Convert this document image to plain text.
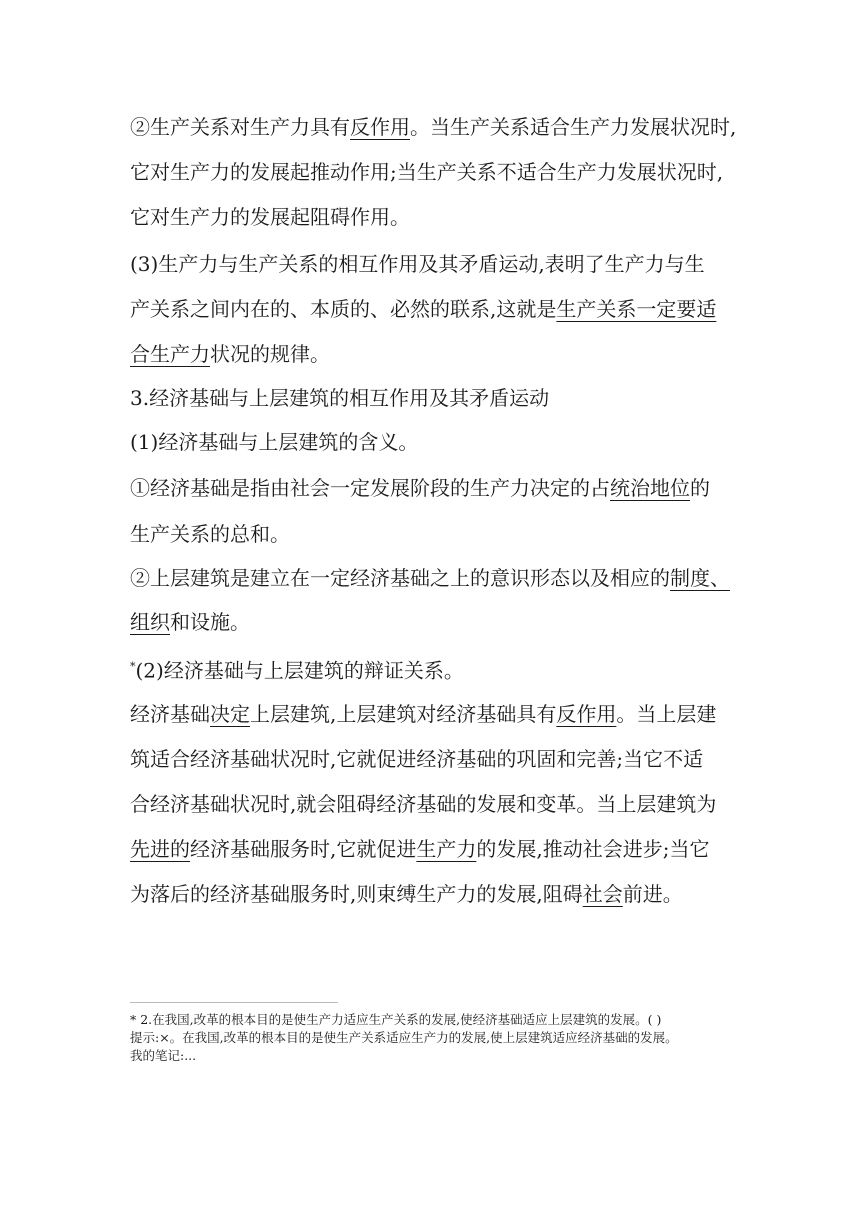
②生产关系对生产力具有反作用。当生产关系适合生产力发展状况时,
它对生产力的发展起推动作用;当生产关系不适合生产力发展状况时,
它对生产力的发展起阻碍作用。
(3)生产力与生产关系的相互作用及其矛盾运动,表明了生产力与生
产关系之间内在的、本质的、必然的联系,这就是生产关系一定要适
合生产力状况的规律。
3.经济基础与上层建筑的相互作用及其矛盾运动
(1)经济基础与上层建筑的含义。
①经济基础是指由社会一定发展阶段的生产力决定的占统治地位的
生产关系的总和。
②上层建筑是建立在一定经济基础之上的意识形态以及相应的制度、
组织和设施。
*(2)经济基础与上层建筑的辩证关系。
经济基础决定上层建筑,上层建筑对经济基础具有反作用。当上层建
筑适合经济基础状况时,它就促进经济基础的巩固和完善;当它不适
合经济基础状况时,就会阻碍经济基础的发展和变革。当上层建筑为
先进的经济基础服务时,它就促进生产力的发展,推动社会进步;当它
为落后的经济基础服务时,则束缚生产力的发展,阻碍社会前进。
* 2.在我国,改革的根本目的是使生产力适应生产关系的发展,使经济基础适应上层建筑的发展。( )
提示:×。在我国,改革的根本目的是使生产关系适应生产力的发展,使上层建筑适应经济基础的发展。
我的笔记:...
